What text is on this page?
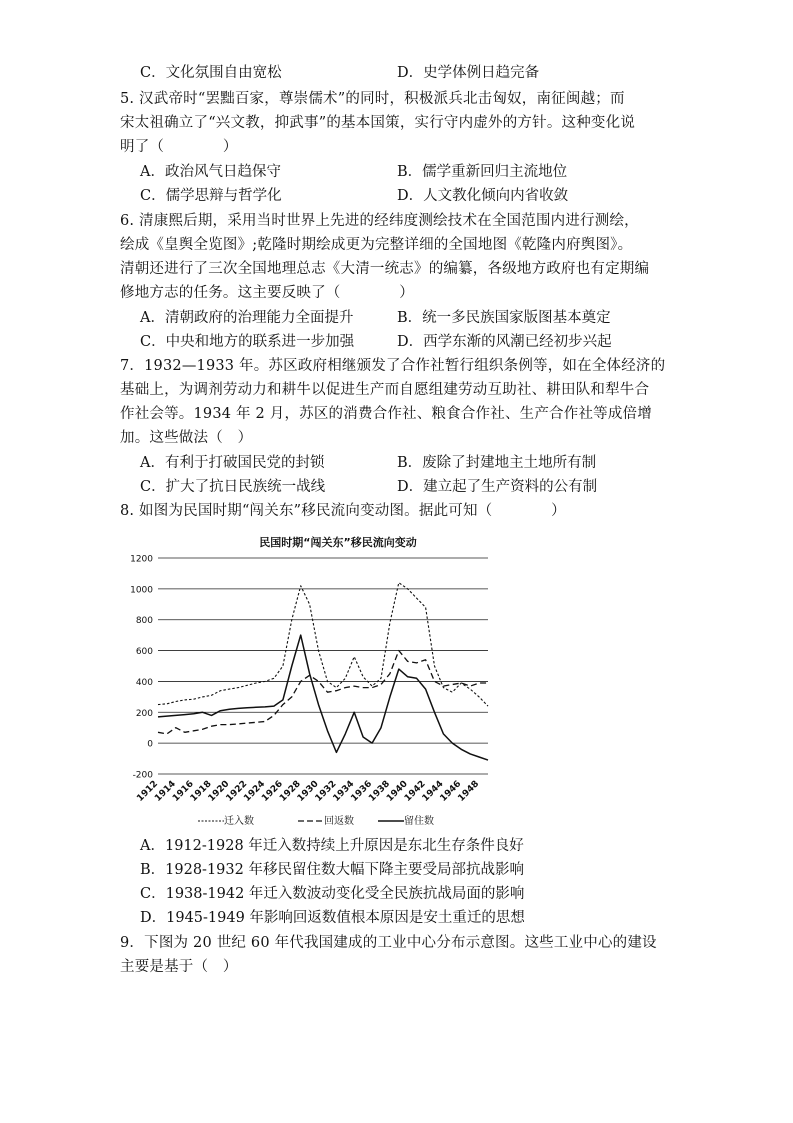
C．文化氛围自由宽松	D．史学体例日趋完备
5. 汉武帝时“罢黜百家，尊崇儒术”的同时，积极派兵北击匈奴，南征闽越；而
宋太祖确立了“兴文教，抑武事”的基本国策，实行守内虚外的方针。这种变化说
明了（　　　　）
A．政治风气日趋保守	B．儒学重新回归主流地位
C．儒学思辩与哲学化	D．人文教化倾向内省收敛
6. 清康熙后期，采用当时世界上先进的经纬度测绘技术在全国范围内进行测绘，
绘成《皇舆全览图》;乾隆时期绘成更为完整详细的全国地图《乾隆内府舆图》。
清朝还进行了三次全国地理总志《大清一统志》的编纂，各级地方政府也有定期编
修地方志的任务。这主要反映了（　　　　）
A．清朝政府的治理能力全面提升	B．统一多民族国家版图基本奠定
C．中央和地方的联系进一步加强	D．西学东渐的风潮已经初步兴起
7．1932—1933 年。苏区政府相继颁发了合作社暂行组织条例等，如在全体经济的
基础上，为调剂劳动力和耕牛以促进生产而自愿组建劳动互助社、耕田队和犁牛合
作社会等。1934 年 2 月，苏区的消费合作社、粮食合作社、生产合作社等成倍增
加。这些做法（　）
A．有利于打破国民党的封锁	B．废除了封建地主土地所有制
C．扩大了抗日民族统一战线	D．建立起了生产资料的公有制
8. 如图为民国时期“闯关东”移民流向变动图。据此可知（　　　　）
民国时期“闯关东”移民流向变动
1200
1000
800
600
400
200
0
-200
1912
1914
1916
1918
1920
1922
1924
1926
1928
1930
1932
1934
1936
1938
1940
1942
1944
1946
1948
迁入数	回返数	留住数
A．1912-1928 年迁入数持续上升原因是东北生存条件良好
B．1928-1932 年移民留住数大幅下降主要受局部抗战影响
C．1938-1942 年迁入数波动变化受全民族抗战局面的影响
D．1945-1949 年影响回返数值根本原因是安土重迁的思想
9．下图为 20 世纪 60 年代我国建成的工业中心分布示意图。这些工业中心的建设
主要是基于（　）
